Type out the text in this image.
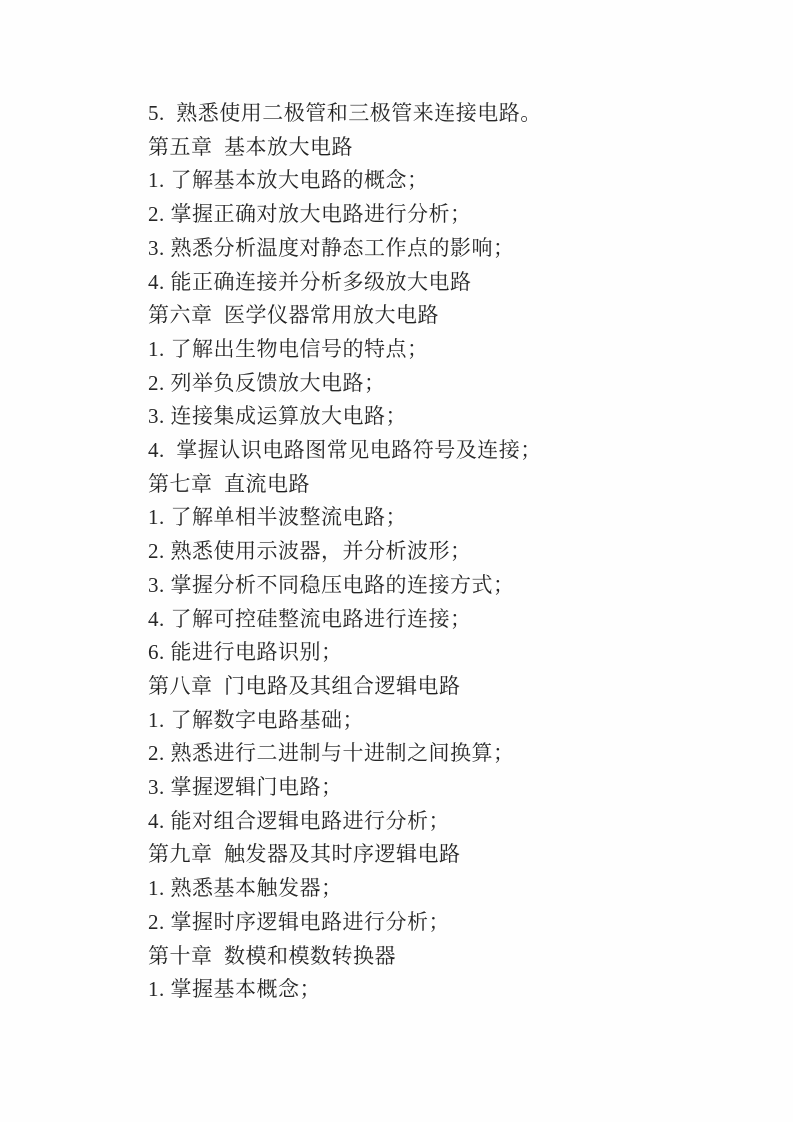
5.  熟悉使用二极管和三极管来连接电路。

第五章  基本放大电路

1. 了解基本放大电路的概念；

2. 掌握正确对放大电路进行分析；

3. 熟悉分析温度对静态工作点的影响；

4. 能正确连接并分析多级放大电路

第六章  医学仪器常用放大电路

1. 了解出生物电信号的特点；

2. 列举负反馈放大电路；

3. 连接集成运算放大电路；

4.  掌握认识电路图常见电路符号及连接；

第七章  直流电路

1. 了解单相半波整流电路；

2. 熟悉使用示波器，并分析波形；

3. 掌握分析不同稳压电路的连接方式；

4. 了解可控硅整流电路进行连接；

6. 能进行电路识别；

第八章  门电路及其组合逻辑电路

1. 了解数字电路基础；

2. 熟悉进行二进制与十进制之间换算；

3. 掌握逻辑门电路；

4. 能对组合逻辑电路进行分析；

第九章  触发器及其时序逻辑电路

1. 熟悉基本触发器；

2. 掌握时序逻辑电路进行分析；

第十章  数模和模数转换器

1. 掌握基本概念；
